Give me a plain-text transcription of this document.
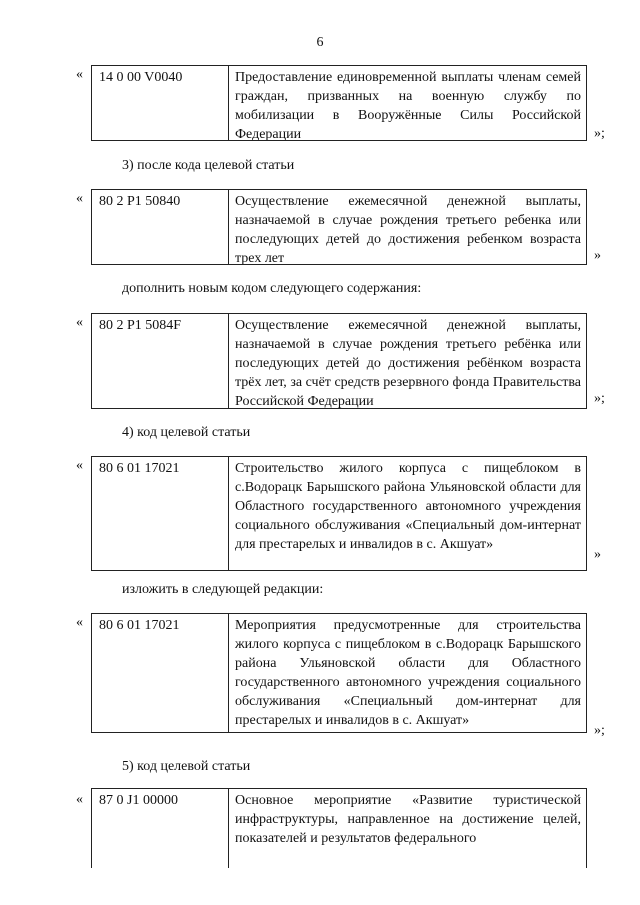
6
«	14 0 00 V0040	Предоставление единовременной выплаты членам семей граждан, призванных на военную службу по мобилизации в Вооружённые Силы Российской Федерации	»;
3) после кода целевой статьи
«	80 2 P1 50840	Осуществление ежемесячной денежной выплаты, назначаемой в случае рождения третьего ребенка или последующих детей до достижения ребенком возраста трех лет	»
дополнить новым кодом следующего содержания:
«	80 2 P1 5084F	Осуществление ежемесячной денежной выплаты, назначаемой в случае рождения третьего ребёнка или последующих детей до достижения ребёнком возраста трёх лет, за счёт средств резервного фонда Правительства Российской Федерации	»;
4) код целевой статьи
«	80 6 01 17021	Строительство жилого корпуса с пищеблоком в с.Водорацк Барышского района Ульяновской области для Областного государственного автономного учреждения социального обслуживания «Специальный дом-интернат для престарелых и инвалидов в с. Акшуат»
»
изложить в следующей редакции:
«	80 6 01 17021	Мероприятия предусмотренные для строительства жилого корпуса с пищеблоком в с.Водорацк Барышского района Ульяновской области для Областного государственного автономного учреждения социального обслуживания «Специальный дом-интернат для престарелых и инвалидов в с. Акшуат»
»;
5) код целевой статьи
«	87 0 J1 00000	Основное мероприятие «Развитие туристической инфраструктуры, направленное на достижение целей, показателей и результатов федерального
